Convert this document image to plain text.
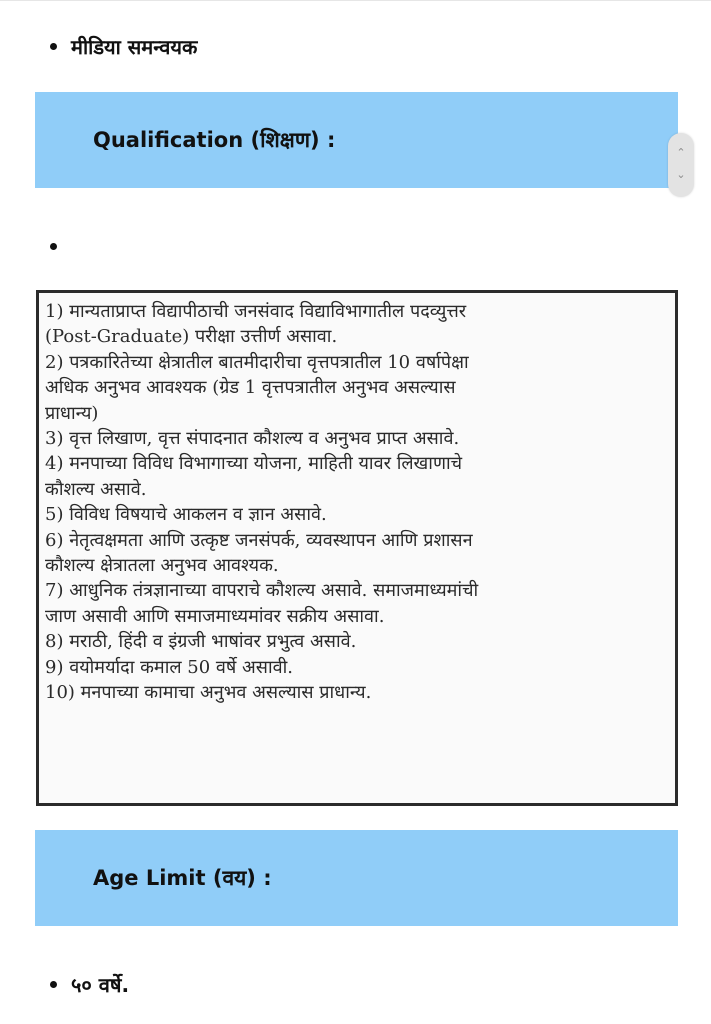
मीडिया समन्वयक
Qualification (शिक्षण) :
⌃
⌄
1) मान्यताप्राप्त विद्यापीठाची जनसंवाद विद्याविभागातील पदव्युत्तर
(Post-Graduate) परीक्षा उत्तीर्ण असावा.
2) पत्रकारितेच्या क्षेत्रातील बातमीदारीचा वृत्तपत्रातील 10 वर्षापेक्षा
अधिक अनुभव आवश्यक (ग्रेड 1 वृत्तपत्रातील अनुभव असल्यास
प्राधान्य)
3) वृत्त लिखाण, वृत्त संपादनात कौशल्य व अनुभव प्राप्त असावे.
4) मनपाच्या विविध विभागाच्या योजना, माहिती यावर लिखाणाचे
कौशल्य असावे.
5) विविध विषयाचे आकलन व ज्ञान असावे.
6) नेतृत्वक्षमता आणि उत्कृष्ट जनसंपर्क, व्यवस्थापन आणि प्रशासन
कौशल्य क्षेत्रातला अनुभव आवश्यक.
7) आधुनिक तंत्रज्ञानाच्या वापराचे कौशल्य असावे. समाजमाध्यमांची
जाण असावी आणि समाजमाध्यमांवर सक्रीय असावा.
8) मराठी, हिंदी व इंग्रजी भाषांवर प्रभुत्व असावे.
9) वयोमर्यादा कमाल 50 वर्षे असावी.
10) मनपाच्या कामाचा अनुभव असल्यास प्राधान्य.
Age Limit (वय) :
५० वर्षे.
